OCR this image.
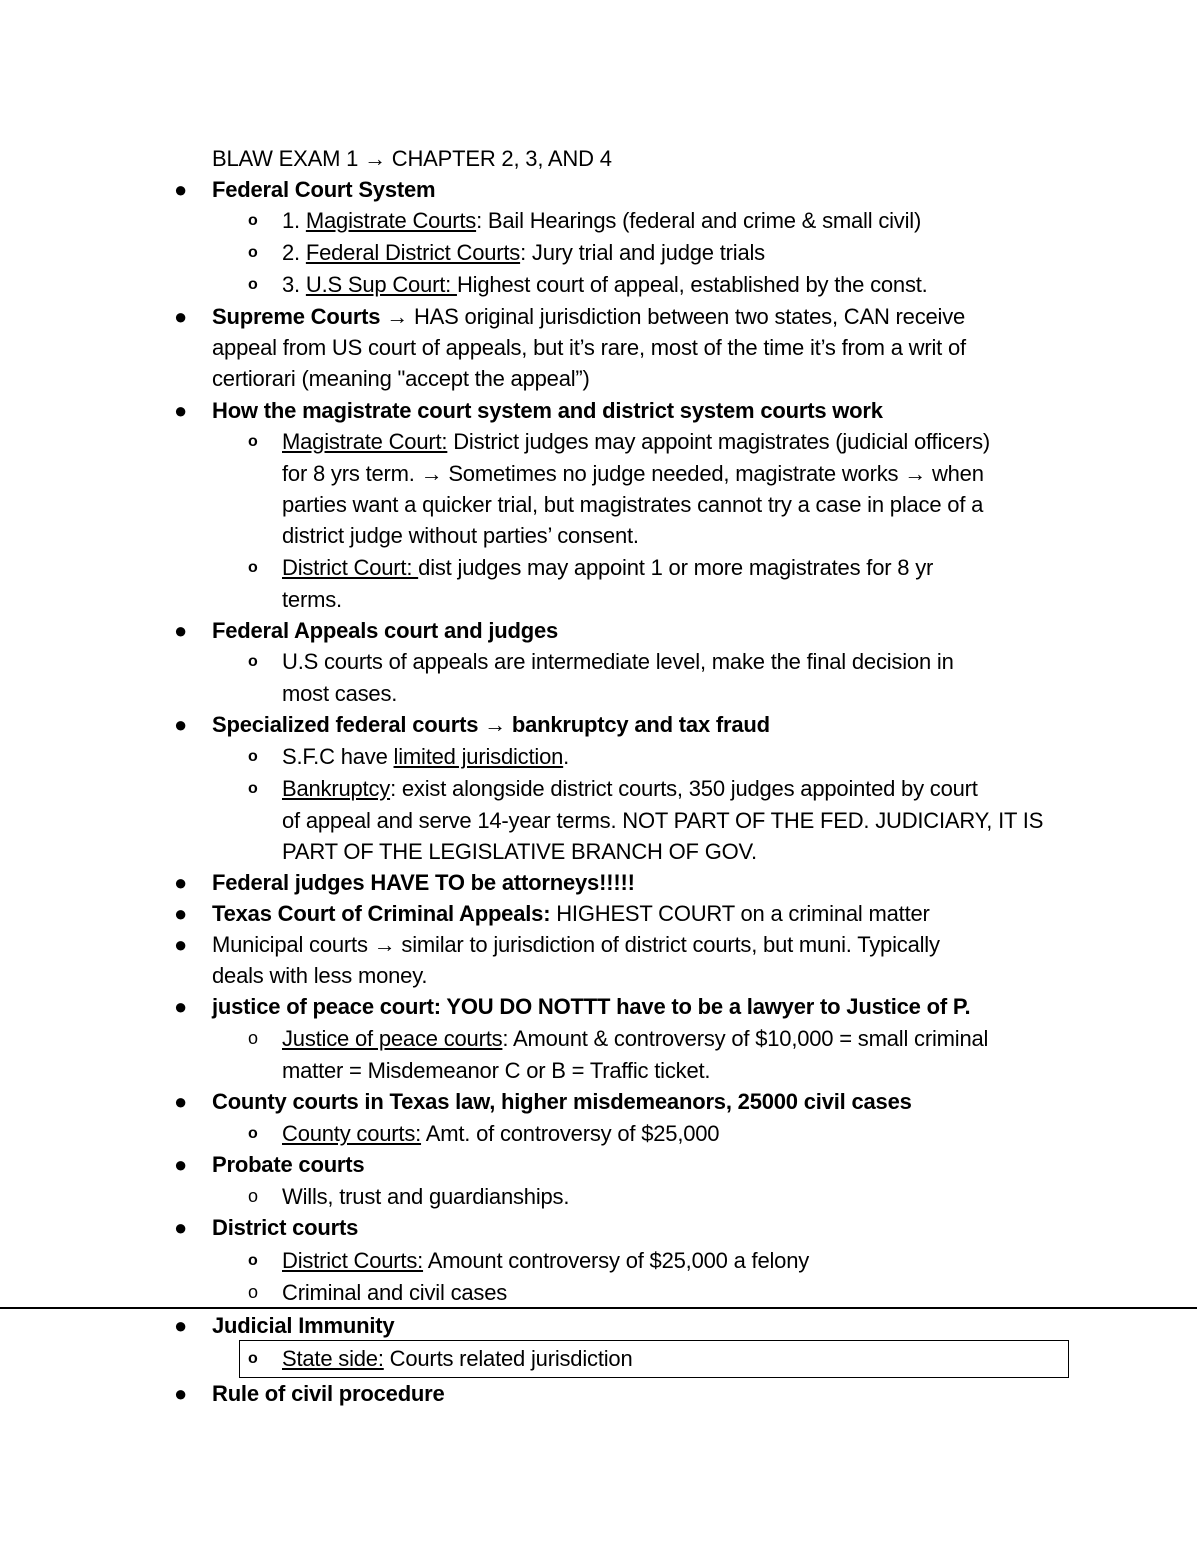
BLAW EXAM 1 → CHAPTER 2, 3, AND 4
● Federal Court System
o 1. Magistrate Courts: Bail Hearings (federal and crime & small civil)
o 2. Federal District Courts: Jury trial and judge trials
o 3. U.S Sup Court: Highest court of appeal, established by the const.
● Supreme Courts → HAS original jurisdiction between two states, CAN receive
appeal from US court of appeals, but it’s rare, most of the time it’s from a writ of
certiorari (meaning "accept the appeal”)
● How the magistrate court system and district system courts work
o Magistrate Court: District judges may appoint magistrates (judicial officers)
for 8 yrs term. → Sometimes no judge needed, magistrate works → when
parties want a quicker trial, but magistrates cannot try a case in place of a
district judge without parties’ consent.
o District Court: dist judges may appoint 1 or more magistrates for 8 yr
terms.
● Federal Appeals court and judges
o U.S courts of appeals are intermediate level, make the final decision in
most cases.
● Specialized federal courts → bankruptcy and tax fraud
o S.F.C have limited jurisdiction.
o Bankruptcy: exist alongside district courts, 350 judges appointed by court
of appeal and serve 14-year terms. NOT PART OF THE FED. JUDICIARY, IT IS
PART OF THE LEGISLATIVE BRANCH OF GOV.
● Federal judges HAVE TO be attorneys!!!!!
● Texas Court of Criminal Appeals: HIGHEST COURT on a criminal matter
● Municipal courts → similar to jurisdiction of district courts, but muni. Typically
deals with less money.
● justice of peace court: YOU DO NOTTT have to be a lawyer to Justice of P.
o Justice of peace courts: Amount & controversy of $10,000 = small criminal
matter = Misdemeanor C or B = Traffic ticket.
● County courts in Texas law, higher misdemeanors, 25000 civil cases
o County courts: Amt. of controversy of $25,000
● Probate courts
o Wills, trust and guardianships.
● District courts
o District Courts: Amount controversy of $25,000 a felony
o Criminal and civil cases
● Judicial Immunity
o State side: Courts related jurisdiction
● Rule of civil procedure
